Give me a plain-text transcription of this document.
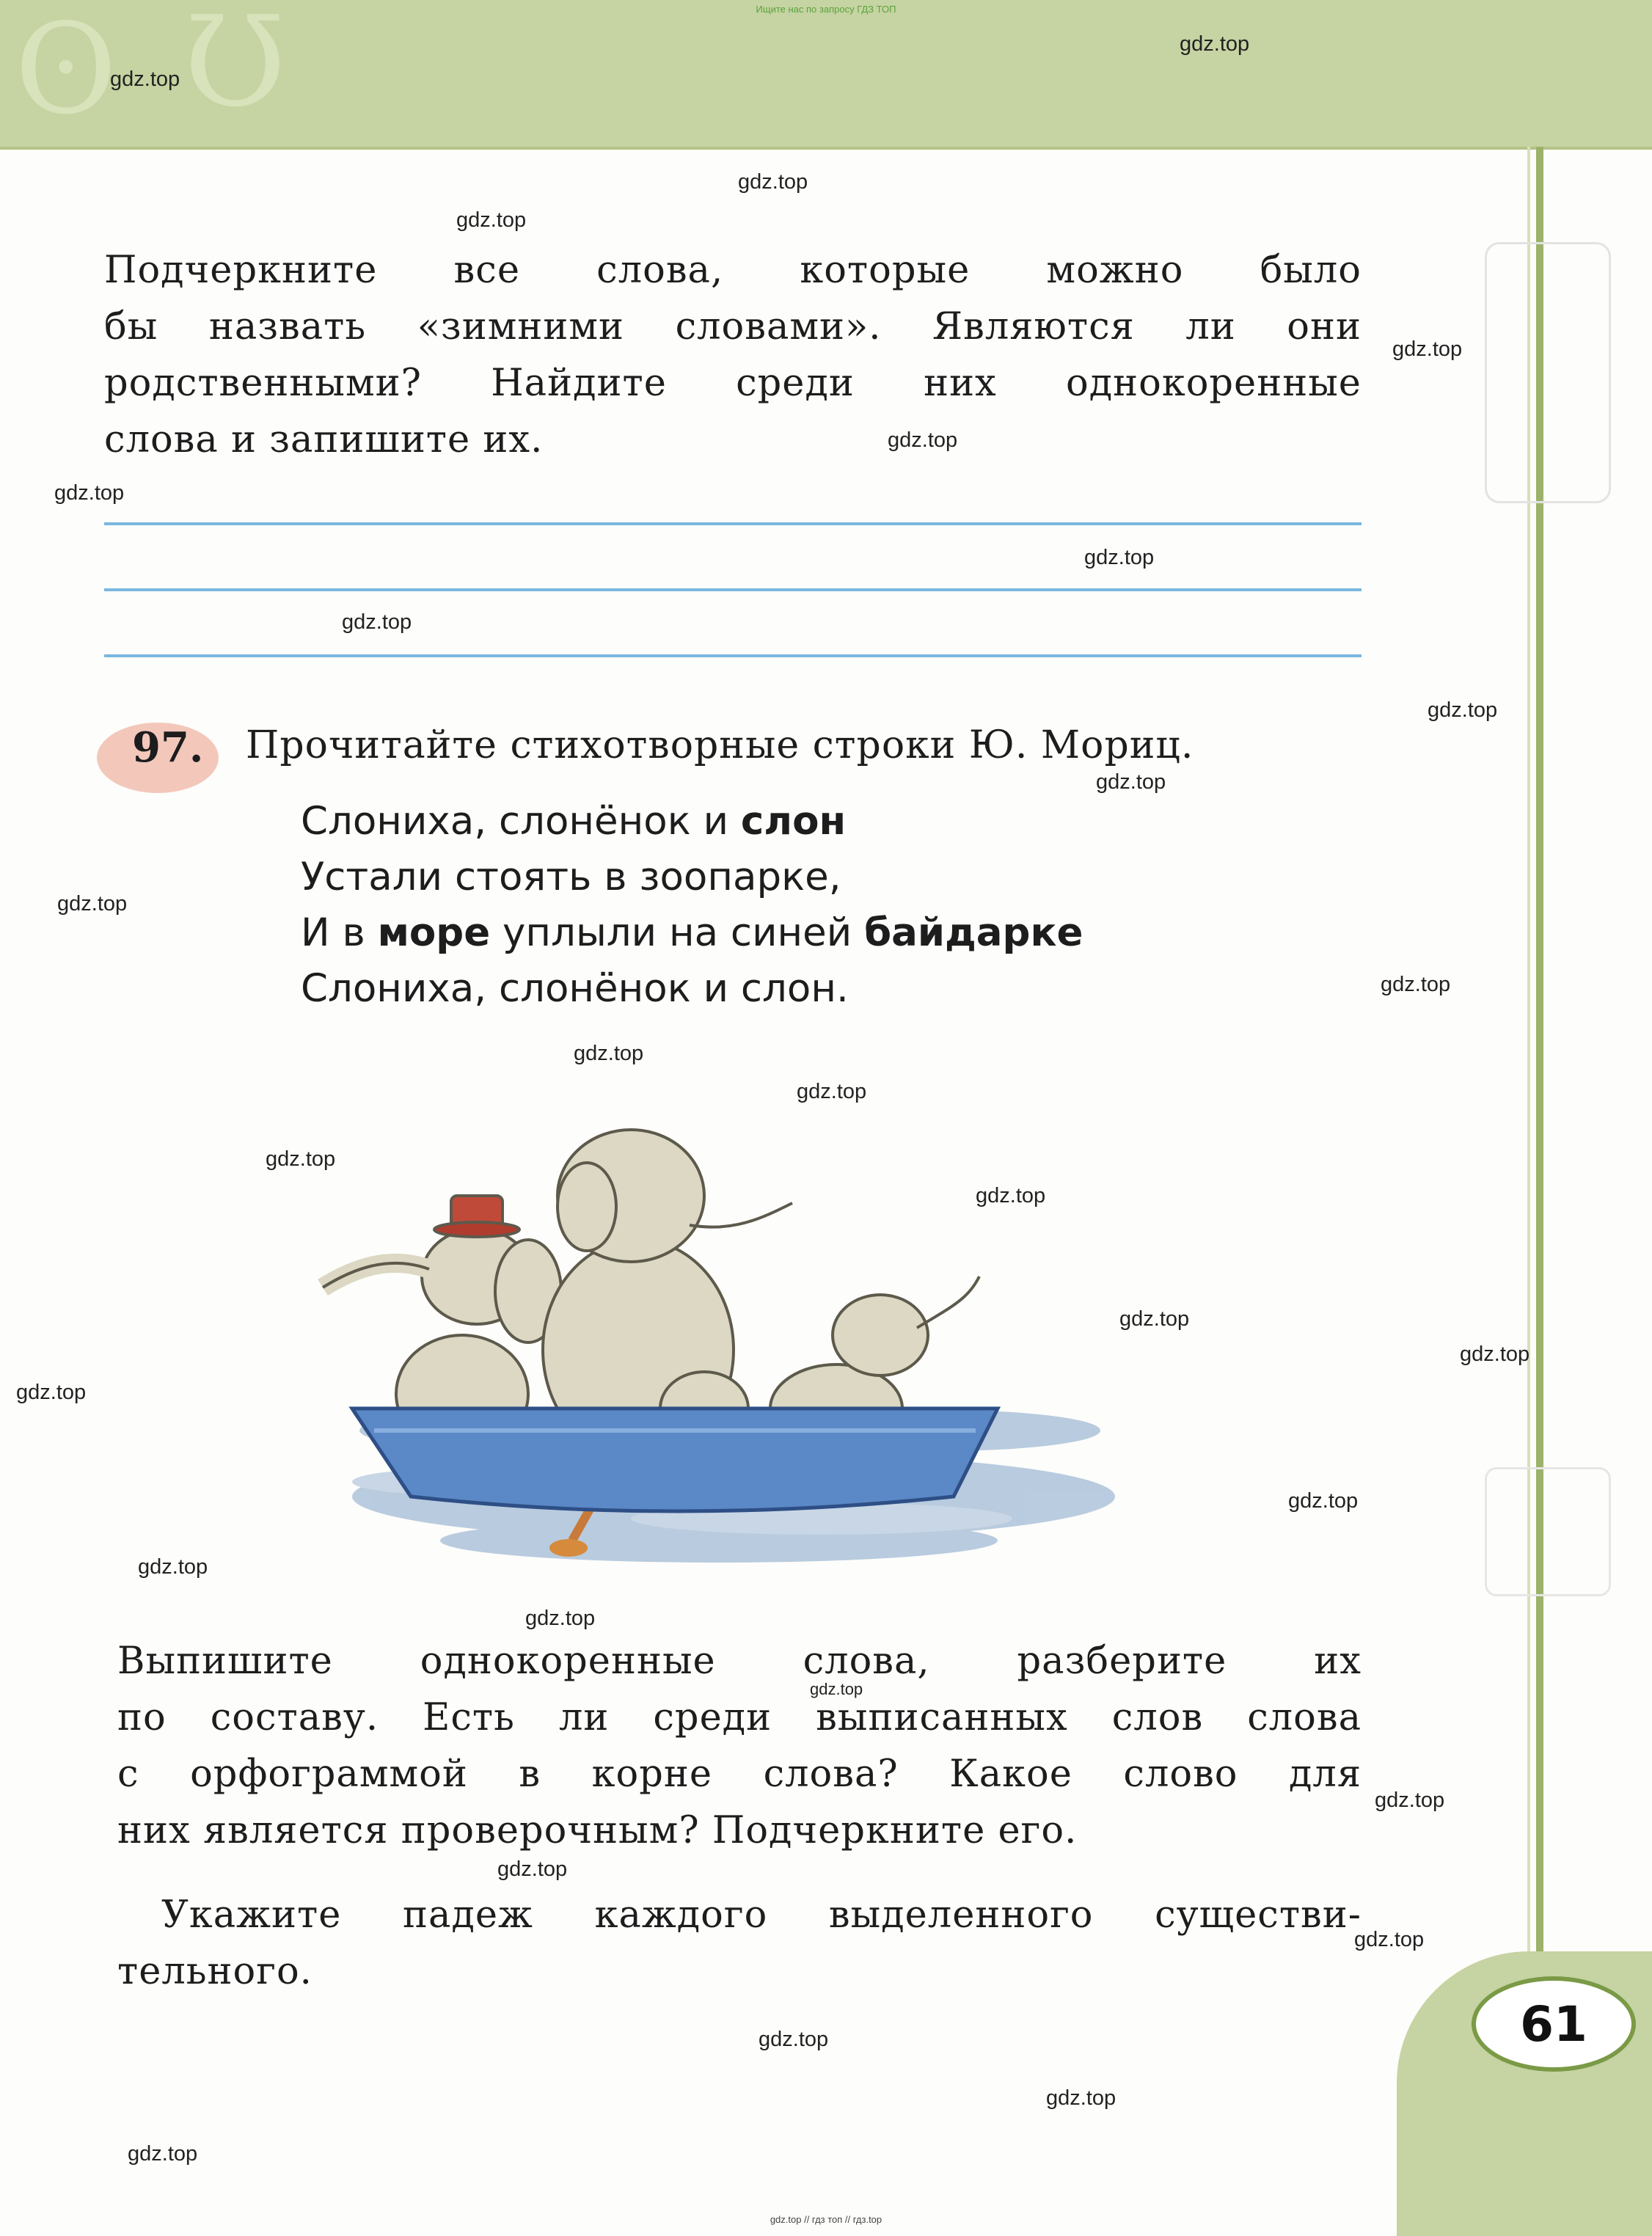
ʘ Ʊ	Ищите нас по запросу ГДЗ ТОП
Подчеркните все слова, которые можно было
бы назвать «зимними словами». Являются ли они
родственными? Найдите среди них однокоренные
слова и запишите их.
97. Прочитайте стихотворные строки Ю. Мориц.
Слониха, слонёнок и слон
Устали стоять в зоопарке,
И в море уплыли на синей байдарке
Слониха, слонёнок и слон.
Выпишите однокоренные слова, разберите их
по составу. Есть ли среди выписанных слов слова
с орфограммой в корне слова? Какое слово для
них является проверочным? Подчеркните его.
Укажите падеж каждого выделенного существи-
тельного.
61
gdz.top
gdz.top
gdz.top
gdz.top
gdz.top
gdz.top
gdz.top
gdz.top
gdz.top
gdz.top
gdz.top
gdz.top
gdz.top
gdz.top
gdz.top
gdz.top
gdz.top
gdz.top
gdz.top
gdz.top
gdz.top
gdz.top
gdz.top
gdz.top
gdz.top
gdz.top
gdz.top
gdz.top
gdz.top
gdz.top
gdz.top // гдз топ // гдз.top
